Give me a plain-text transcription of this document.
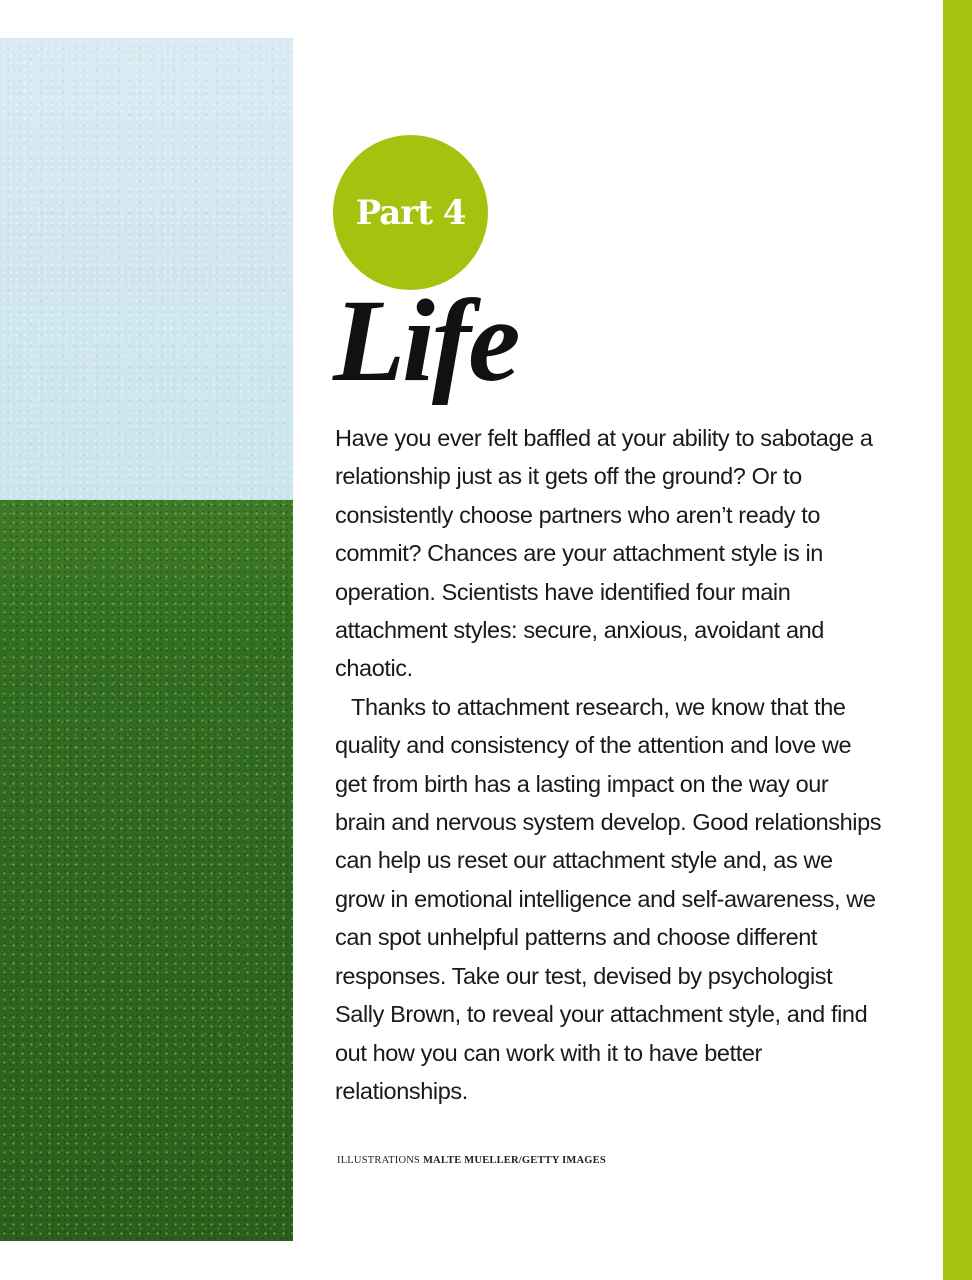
Part 4
Life

Have you ever felt baffled at your ability to sabotage a relationship just as it gets off the ground? Or to consistently choose partners who aren’t ready to commit? Chances are your attachment style is in operation. Scientists have identified four main attachment styles: secure, anxious, avoidant and chaotic.

Thanks to attachment research, we know that the quality and consistency of the attention and love we get from birth has a lasting impact on the way our brain and nervous system develop. Good relationships can help us reset our attachment style and, as we grow in emotional intelligence and self-awareness, we can spot unhelpful patterns and choose different responses. Take our test, devised by psychologist Sally Brown, to reveal your attachment style, and find out how you can work with it to have better relationships.

ILLUSTRATIONS MALTE MUELLER/GETTY IMAGES
